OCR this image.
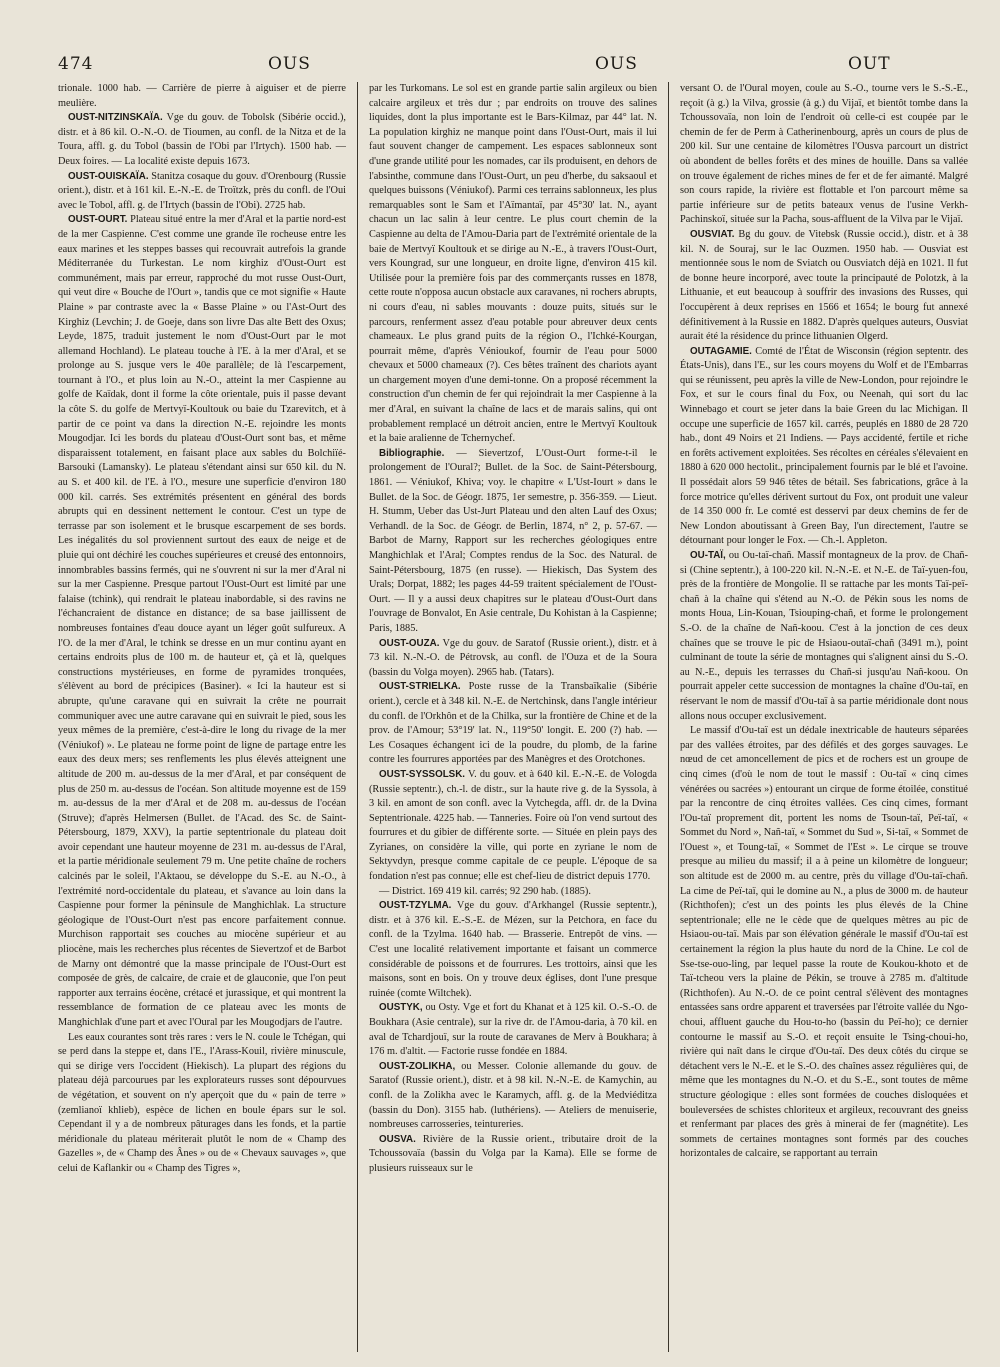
474	OUS	OUS	OUT

trionale. 1000 hab. — Carrière de pierre à aiguiser et de pierre meulière.

OUST-NITZINSKAÏA. Vge du gouv. de Tobolsk (Sibérie occid.), distr. et à 86 kil. O.-N.-O. de Tioumen, au confl. de la Nitza et de la Toura, affl. g. du Tobol (bassin de l'Obi par l'Irtych). 1500 hab. — Deux foires. — La localité existe depuis 1673.

OUST-OUISKAÏA. Stanitza cosaque du gouv. d'Orenbourg (Russie orient.), distr. et à 161 kil. E.-N.-E. de Troïtzk, près du confl. de l'Oui avec le Tobol, affl. g. de l'Irtych (bassin de l'Obi). 2725 hab.

OUST-OURT. Plateau situé entre la mer d'Aral et la partie nord-est de la mer Caspienne. C'est comme une grande île rocheuse entre les eaux marines et les steppes basses qui recouvrait autrefois la grande Méditerranée du Turkestan. Le nom kirghiz d'Oust-Ourt est communément, mais par erreur, rapproché du mot russe Oust-Ourt, qui veut dire « Bouche de l'Ourt », tandis que ce mot signifie « Haute Plaine » par contraste avec la « Basse Plaine » ou l'Ast-Ourt des Kirghiz (Levchin; J. de Goeje, dans son livre Das alte Bett des Oxus; Leyde, 1875, traduit justement le nom d'Oust-Ourt par le mot allemand Hochland). Le plateau touche à l'E. à la mer d'Aral, et se prolonge au S. jusque vers le 40e parallèle; de là l'escarpement, tournant à l'O., et plus loin au N.-O., atteint la mer Caspienne au golfe de Kaïdak, dont il forme la côte orientale, puis il passe devant la côte S. du golfe de Mertvyï-Koultouk ou baie du Tzarevitch, et à partir de ce point va dans la direction N.-E. rejoindre les monts Mougodjar. Ici les bords du plateau d'Oust-Ourt sont bas, et même disparaissent totalement, en faisant place aux sables du Bolchiïé-Barsouki (Lamansky). Le plateau s'étendant ainsi sur 650 kil. du N. au S. et 400 kil. de l'E. à l'O., mesure une superficie d'environ 180 000 kil. carrés. Ses extrémités présentent en général des bords abrupts qui en dessinent nettement le contour. C'est un type de terrasse par son isolement et le brusque escarpement de ses bords. Les inégalités du sol proviennent surtout des eaux de neige et de pluie qui ont déchiré les couches supérieures et creusé des entonnoirs, innombrables bassins fermés, qui ne s'ouvrent ni sur la mer d'Aral ni sur la mer Caspienne. Presque partout l'Oust-Ourt est limité par une falaise (tchink), qui rendrait le plateau inabordable, si des ravins ne l'échancraient de distance en distance; de sa base jaillissent de nombreuses fontaines d'eau douce ayant un léger goût sulfureux. A l'O. de la mer d'Aral, le tchink se dresse en un mur continu ayant en certains endroits plus de 100 m. de hauteur et, çà et là, quelques constructions mystérieuses, en forme de pyramides tronquées, s'élèvent au bord de précipices (Basiner). « Ici la hauteur est si abrupte, qu'une caravane qui en suivrait la crête ne pourrait communiquer avec une autre caravane qui en suivrait le pied, sous les yeux mêmes de la première, c'est-à-dire le long du rivage de la mer (Véniukof) ». Le plateau ne forme point de ligne de partage entre les eaux des deux mers; ses renflements les plus élevés atteignent une altitude de 200 m. au-dessus de la mer d'Aral, et par conséquent de plus de 250 m. au-dessus de l'océan. Son altitude moyenne est de 159 m. au-dessus de la mer d'Aral et de 208 m. au-dessus de l'océan (Struve); d'après Helmersen (Bullet. de l'Acad. des Sc. de Saint-Pétersbourg, 1879, XXV), la partie septentrionale du plateau doit avoir cependant une hauteur moyenne de 231 m. au-dessus de l'Aral, et la partie méridionale seulement 79 m. Une petite chaîne de rochers calcinés par le soleil, l'Aktaou, se développe du S.-E. au N.-O., à l'extrémité nord-occidentale du plateau, et s'avance au loin dans la Caspienne pour former la péninsule de Manghichlak. La structure géologique de l'Oust-Ourt n'est pas encore parfaitement connue. Murchison rapportait ses couches au miocène supérieur et au pliocène, mais les recherches plus récentes de Sievertzof et de Barbot de Marny ont démontré que la masse principale de l'Oust-Ourt est composée de grès, de calcaire, de craie et de glauconie, que l'on peut rapporter aux terrains éocène, crétacé et jurassique, et qui montrent la ressemblance de formation de ce plateau avec les monts de Manghichlak d'une part et avec l'Oural par les Mougodjars de l'autre.

Les eaux courantes sont très rares : vers le N. coule le Tchégan, qui se perd dans la steppe et, dans l'E., l'Arass-Kouil, rivière minuscule, qui se dirige vers l'occident (Hiekisch). La plupart des régions du plateau déjà parcourues par les explorateurs russes sont dépourvues de végétation, et souvent on n'y aperçoit que du « pain de terre » (zemlianoï khlieb), espèce de lichen en boule épars sur le sol. Cependant il y a de nombreux pâturages dans les fonds, et la partie méridionale du plateau mériterait plutôt le nom de « Champ des Gazelles », de « Champ des Ânes » ou de « Chevaux sauvages », que celui de Kaflankir ou « Champ des Tigres »,

par les Turkomans. Le sol est en grande partie salin argileux ou bien calcaire argileux et très dur ; par endroits on trouve des salines liquides, dont la plus importante est le Bars-Kilmaz, par 44° lat. N. La population kirghiz ne manque point dans l'Oust-Ourt, mais il lui faut souvent changer de campement. Les espaces sablonneux sont d'une grande utilité pour les nomades, car ils produisent, en dehors de l'absinthe, commune dans l'Oust-Ourt, un peu d'herbe, du saksaoul et quelques buissons (Véniukof). Parmi ces terrains sablonneux, les plus remarquables sont le Sam et l'Aïmantaï, par 45°30' lat. N., ayant chacun un lac salin à leur centre. Le plus court chemin de la Caspienne au delta de l'Amou-Daria part de l'extrémité orientale de la baie de Mertvyï Koultouk et se dirige au N.-E., à travers l'Oust-Ourt, vers Koungrad, sur une longueur, en droite ligne, d'environ 415 kil. Utilisée pour la première fois par des commerçants russes en 1878, cette route n'opposa aucun obstacle aux caravanes, ni rochers abrupts, ni cours d'eau, ni sables mouvants : douze puits, situés sur le parcours, renferment assez d'eau potable pour abreuver deux cents chameaux. Le plus grand puits de la région O., l'Ichké-Kourgan, pourrait même, d'après Vénioukof, fournir de l'eau pour 5000 chevaux et 5000 chameaux (?). Ces bêtes traînent des chariots ayant un chargement moyen d'une demi-tonne. On a proposé récemment la construction d'un chemin de fer qui rejoindrait la mer Caspienne à la mer d'Aral, en suivant la chaîne de lacs et de marais salins, qui ont probablement remplacé un détroit ancien, entre le Mertvyï Koultouk et la baie aralienne de Tchernychef.

Bibliographie. — Sievertzof, L'Oust-Ourt forme-t-il le prolongement de l'Oural?; Bullet. de la Soc. de Saint-Pétersbourg, 1861. — Véniukof, Khiva; voy. le chapitre « L'Ust-Iourt » dans le Bullet. de la Soc. de Géogr. 1875, 1er semestre, p. 356-359. — Lieut. H. Stumm, Ueber das Ust-Jurt Plateau und den alten Lauf des Oxus; Verhandl. de la Soc. de Géogr. de Berlin, 1874, n° 2, p. 57-67. — Barbot de Marny, Rapport sur les recherches géologiques entre Manghichlak et l'Aral; Comptes rendus de la Soc. des Natural. de Saint-Pétersbourg, 1875 (en russe). — Hiekisch, Das System des Urals; Dorpat, 1882; les pages 44-59 traitent spécialement de l'Oust-Ourt. — Il y a aussi deux chapitres sur le plateau d'Oust-Ourt dans l'ouvrage de Bonvalot, En Asie centrale, Du Kohistan à la Caspienne; Paris, 1885.

OUST-OUZA. Vge du gouv. de Saratof (Russie orient.), distr. et à 73 kil. N.-N.-O. de Pétrovsk, au confl. de l'Ouza et de la Soura (bassin du Volga moyen). 2965 hab. (Tatars).

OUST-STRIELKA. Poste russe de la Transbaïkalie (Sibérie orient.), cercle et à 348 kil. N.-E. de Nertchinsk, dans l'angle intérieur du confl. de l'Orkhôn et de la Chilka, sur la frontière de Chine et de la prov. de l'Amour; 53°19' lat. N., 119°50' longit. E. 200 (?) hab. — Les Cosaques échangent ici de la poudre, du plomb, de la farine contre les fourrures apportées par des Manègres et des Orotchones.

OUST-SYSSOLSK. V. du gouv. et à 640 kil. E.-N.-E. de Vologda (Russie septentr.), ch.-l. de distr., sur la haute rive g. de la Syssola, à 3 kil. en amont de son confl. avec la Vytchegda, affl. dr. de la Dvina Septentrionale. 4225 hab. — Tanneries. Foire où l'on vend surtout des fourrures et du gibier de différente sorte. — Située en plein pays des Zyrianes, on considère la ville, qui porte en zyriane le nom de Sektyvdyn, presque comme capitale de ce peuple. L'époque de sa fondation n'est pas connue; elle est chef-lieu de district depuis 1770.

— District. 169 419 kil. carrés; 92 290 hab. (1885).

OUST-TZYLMA. Vge du gouv. d'Arkhangel (Russie septentr.), distr. et à 376 kil. E.-S.-E. de Mézen, sur la Petchora, en face du confl. de la Tzylma. 1640 hab. — Brasserie. Entrepôt de vins. — C'est une localité relativement importante et faisant un commerce considérable de poissons et de fourrures. Les trottoirs, ainsi que les maisons, sont en bois. On y trouve deux églises, dont l'une presque ruinée (comte Wiltchek).

OUSTYK, ou Osty. Vge et fort du Khanat et à 125 kil. O.-S.-O. de Boukhara (Asie centrale), sur la rive dr. de l'Amou-daria, à 70 kil. en aval de Tchardjouï, sur la route de caravanes de Merv à Boukhara; à 176 m. d'altit. — Factorie russe fondée en 1884.

OUST-ZOLIKHA, ou Messer. Colonie allemande du gouv. de Saratof (Russie orient.), distr. et à 98 kil. N.-N.-E. de Kamychin, au confl. de la Zolikha avec le Karamych, affl. g. de la Medviéditza (bassin du Don). 3155 hab. (luthériens). — Ateliers de menuiserie, nombreuses carrosseries, teintureries.

OUSVA. Rivière de la Russie orient., tributaire droit de la Tchoussovaïa (bassin du Volga par la Kama). Elle se forme de plusieurs ruisseaux sur le

versant O. de l'Oural moyen, coule au S.-O., tourne vers le S.-S.-E., reçoit (à g.) la Vilva, grossie (à g.) du Vijaï, et bientôt tombe dans la Tchoussovaïa, non loin de l'endroit où celle-ci est coupée par le chemin de fer de Perm à Catherinenbourg, après un cours de plus de 200 kil. Sur une centaine de kilomètres l'Ousva parcourt un district où abondent de belles forêts et des mines de houille. Dans sa vallée on trouve également de riches mines de fer et de fer aimanté. Malgré son cours rapide, la rivière est flottable et l'on parcourt même sa partie inférieure sur de petits bateaux venus de l'usine Verkh-Pachinskoï, située sur la Pacha, sous-affluent de la Vilva par le Vijaï.

OUSVIAT. Bg du gouv. de Vitebsk (Russie occid.), distr. et à 38 kil. N. de Souraj, sur le lac Ouzmen. 1950 hab. — Ousviat est mentionnée sous le nom de Sviatch ou Ousviatch déjà en 1021. Il fut de bonne heure incorporé, avec toute la principauté de Polotzk, à la Lithuanie, et eut beaucoup à souffrir des invasions des Russes, qui l'occupèrent à deux reprises en 1566 et 1654; le bourg fut annexé définitivement à la Russie en 1882. D'après quelques auteurs, Ousviat aurait été la résidence du prince lithuanien Olgerd.

OUTAGAMIE. Comté de l'État de Wisconsin (région septentr. des États-Unis), dans l'E., sur les cours moyens du Wolf et de l'Embarras qui se réunissent, peu après la ville de New-London, pour rejoindre le Fox, et sur le cours final du Fox, ou Neenah, qui sort du lac Winnebago et court se jeter dans la baie Green du lac Michigan. Il occupe une superficie de 1657 kil. carrés, peuplés en 1880 de 28 720 hab., dont 49 Noirs et 21 Indiens. — Pays accidenté, fertile et riche en forêts activement exploitées. Ses récoltes en céréales s'élevaient en 1880 à 620 000 hectolit., principalement fournis par le blé et l'avoine. Il possédait alors 59 946 têtes de bétail. Ses fabrications, grâce à la force motrice qu'elles dérivent surtout du Fox, ont produit une valeur de 14 350 000 fr. Le comté est desservi par deux chemins de fer de New London aboutissant à Green Bay, l'un directement, l'autre se détournant pour longer le Fox. — Ch.-l. Appleton.

OU-TAÏ, ou Ou-taï-chañ. Massif montagneux de la prov. de Chañ-si (Chine septentr.), à 100-220 kil. N.-N.-E. et N.-E. de Taï-yuen-fou, près de la frontière de Mongolie. Il se rattache par les monts Taï-peï-chañ à la chaîne qui s'étend au N.-O. de Pékin sous les noms de monts Houa, Lin-Kouan, Tsiouping-chañ, et forme le prolongement S.-O. de la chaîne de Nañ-koou. C'est à la jonction de ces deux chaînes que se trouve le pic de Hsiaou-outaï-chañ (3491 m.), point culminant de toute la série de montagnes qui s'alignent ainsi du S.-O. au N.-E., depuis les terrasses du Chañ-si jusqu'au Nañ-koou. On pourrait appeler cette succession de montagnes la chaîne d'Ou-taï, en réservant le nom de massif d'Ou-taï à sa partie méridionale dont nous allons nous occuper exclusivement.

Le massif d'Ou-taï est un dédale inextricable de hauteurs séparées par des vallées étroites, par des défilés et des gorges sauvages. Le nœud de cet amoncellement de pics et de rochers est un groupe de cinq cimes (d'où le nom de tout le massif : Ou-taï « cinq cimes vénérées ou sacrées ») entourant un cirque de forme étoilée, constitué par la rencontre de cinq étroites vallées. Ces cinq cimes, formant l'Ou-taï proprement dit, portent les noms de Tsoun-taï, Peï-taï, « Sommet du Nord », Nañ-taï, « Sommet du Sud », Si-taï, « Sommet de l'Ouest », et Toung-taï, « Sommet de l'Est ». Le cirque se trouve presque au milieu du massif; il a à peine un kilomètre de longueur; son altitude est de 2000 m. au centre, près du village d'Ou-taï-chañ. La cime de Peï-taï, qui le domine au N., a plus de 3000 m. de hauteur (Richthofen); c'est un des points les plus élevés de la Chine septentrionale; elle ne le cède que de quelques mètres au pic de Hsiaou-ou-taï. Mais par son élévation générale le massif d'Ou-taï est certainement la région la plus haute du nord de la Chine. Le col de Sse-tse-ouo-ling, par lequel passe la route de Koukou-khoto et de Taï-tcheou vers la plaine de Pékin, se trouve à 2785 m. d'altitude (Richthofen). Au N.-O. de ce point central s'élèvent des montagnes entassées sans ordre apparent et traversées par l'étroite vallée du Ngo-choui, affluent gauche du Hou-to-ho (bassin du Peï-ho); ce dernier contourne le massif au S.-O. et reçoit ensuite le Tsing-choui-ho, rivière qui naît dans le cirque d'Ou-taï. Des deux côtés du cirque se détachent vers le N.-E. et le S.-O. des chaînes assez régulières qui, de même que les montagnes du N.-O. et du S.-E., sont toutes de même structure géologique : elles sont formées de couches disloquées et bouleversées de schistes chloriteux et argileux, recouvrant des gneiss et renfermant par places des grès à minerai de fer (magnétite). Les sommets de certaines montagnes sont formés par des couches horizontales de calcaire, se rapportant au terrain
